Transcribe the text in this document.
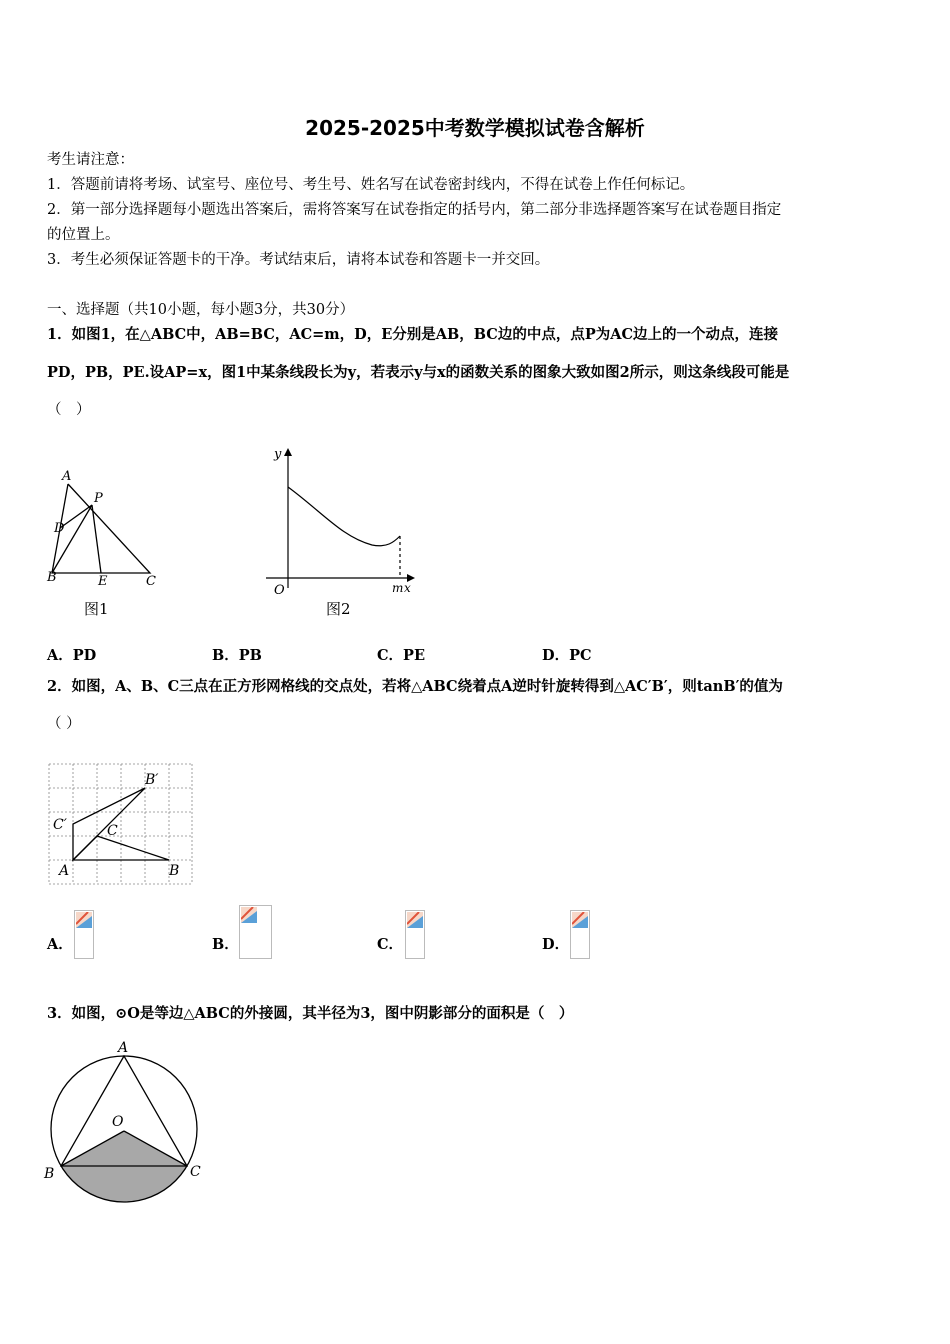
2025-2025中考数学模拟试卷含解析
考生请注意：
1．答题前请将考场、试室号、座位号、考生号、姓名写在试卷密封线内，不得在试卷上作任何标记。
2．第一部分选择题每小题选出答案后，需将答案写在试卷指定的括号内，第二部分非选择题答案写在试卷题目指定
的位置上。
3．考生必须保证答题卡的干净。考试结束后，请将本试卷和答题卡一并交回。
一、选择题（共10小题，每小题3分，共30分）
1．如图1，在△ABC中，AB=BC，AC=m，D，E分别是AB，BC边的中点，点P为AC边上的一个动点，连接
PD，PB，PE.设AP=x，图1中某条线段长为y，若表示y与x的函数关系的图象大致如图2所示，则这条线段可能是
（　）
A
P
D
B	E	C
图1
y
O	m x
图2
A．PD	B．PB	C．PE	D．PC
2．如图，A、B、C三点在正方形网格线的交点处，若将△ABC绕着点A逆时针旋转得到△AC′B′，则tanB′的值为
（ ）
B′
C′	C
A	B
A．	B．	C．	D．
3．如图，⊙O是等边△ABC的外接圆，其半径为3，图中阴影部分的面积是（　）
A
O
B	C
